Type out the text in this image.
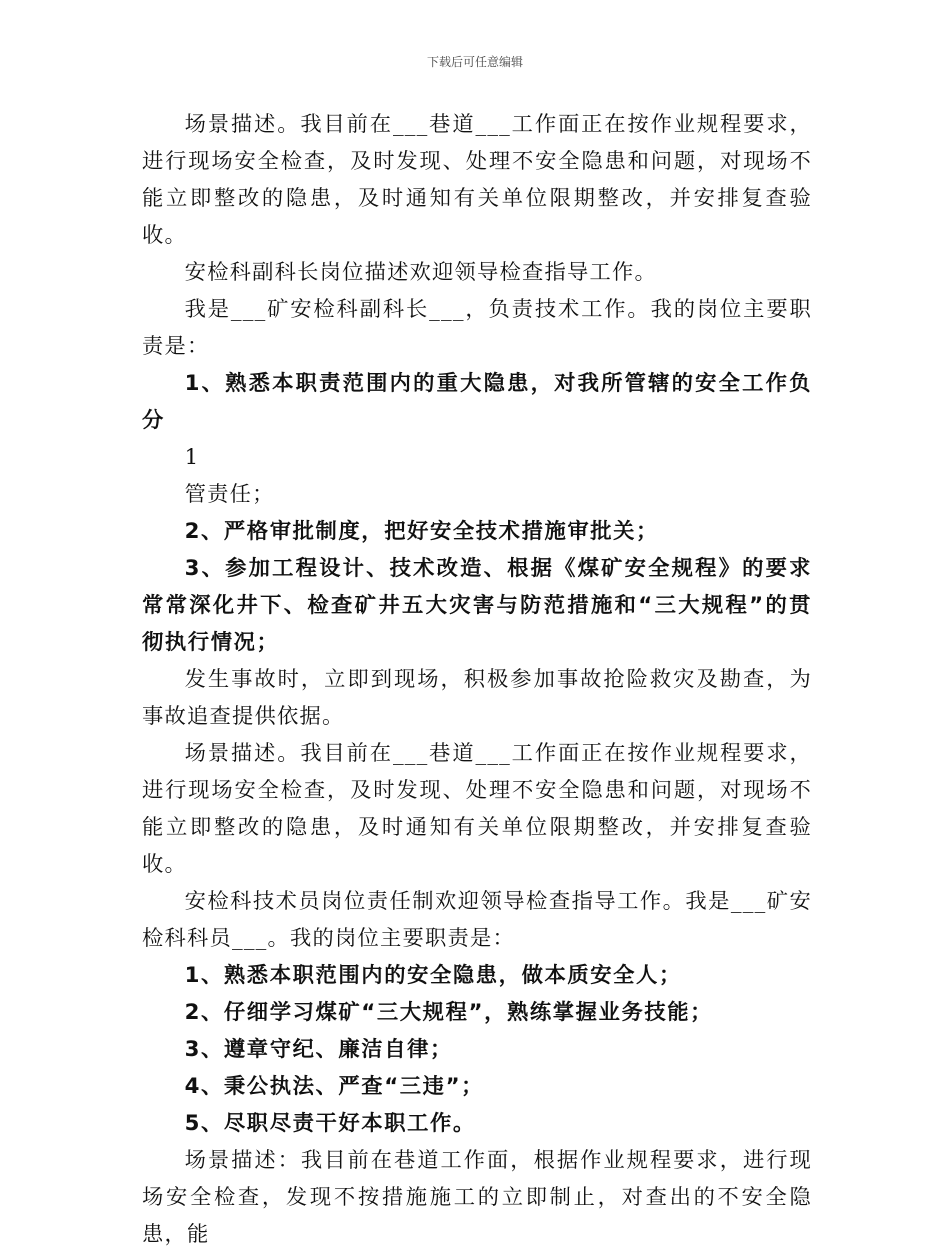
下载后可任意编辑

场景描述。我目前在___巷道___工作面正在按作业规程要求，进行现场安全检查，及时发现、处理不安全隐患和问题，对现场不能立即整改的隐患，及时通知有关单位限期整改，并安排复查验收。

安检科副科长岗位描述欢迎领导检查指导工作。

我是___矿安检科副科长___，负责技术工作。我的岗位主要职责是：

1、熟悉本职责范围内的重大隐患，对我所管辖的安全工作负分

1

管责任；

2、严格审批制度，把好安全技术措施审批关；

3、参加工程设计、技术改造、根据《煤矿安全规程》的要求常常深化井下、检查矿井五大灾害与防范措施和“三大规程”的贯彻执行情况；

发生事故时，立即到现场，积极参加事故抢险救灾及勘查，为事故追查提供依据。

场景描述。我目前在___巷道___工作面正在按作业规程要求，进行现场安全检查，及时发现、处理不安全隐患和问题，对现场不能立即整改的隐患，及时通知有关单位限期整改，并安排复查验收。

安检科技术员岗位责任制欢迎领导检查指导工作。我是___矿安检科科员___。我的岗位主要职责是：

1、熟悉本职范围内的安全隐患，做本质安全人；

2、仔细学习煤矿“三大规程”，熟练掌握业务技能；

3、遵章守纪、廉洁自律；

4、秉公执法、严查“三违”；

5、尽职尽责干好本职工作。

场景描述：我目前在巷道工作面，根据作业规程要求，进行现场安全检查，发现不按措施施工的立即制止，对查出的不安全隐患，能
